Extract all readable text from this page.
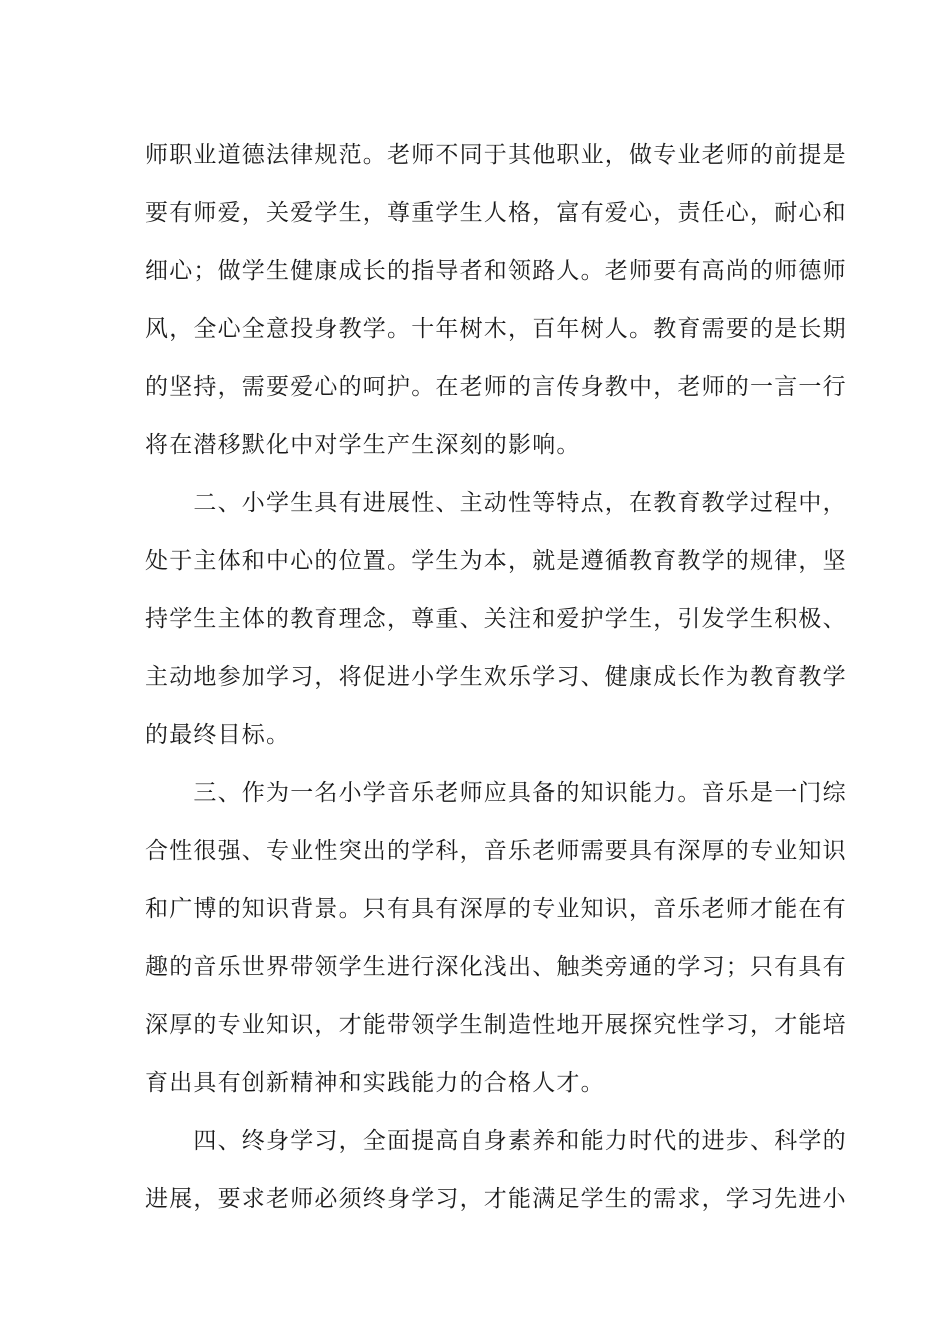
师职业道德法律规范。老师不同于其他职业，做专业老师的前提是
要有师爱，关爱学生，尊重学生人格，富有爱心，责任心，耐心和
细心；做学生健康成长的指导者和领路人。老师要有高尚的师德师
风，全心全意投身教学。十年树木，百年树人。教育需要的是长期
的坚持，需要爱心的呵护。在老师的言传身教中，老师的一言一行
将在潜移默化中对学生产生深刻的影响。
　　二、小学生具有进展性、主动性等特点，在教育教学过程中，
处于主体和中心的位置。学生为本，就是遵循教育教学的规律，坚
持学生主体的教育理念，尊重、关注和爱护学生，引发学生积极、
主动地参加学习，将促进小学生欢乐学习、健康成长作为教育教学
的最终目标。
　　三、作为一名小学音乐老师应具备的知识能力。音乐是一门综
合性很强、专业性突出的学科，音乐老师需要具有深厚的专业知识
和广博的知识背景。只有具有深厚的专业知识，音乐老师才能在有
趣的音乐世界带领学生进行深化浅出、触类旁通的学习；只有具有
深厚的专业知识，才能带领学生制造性地开展探究性学习，才能培
育出具有创新精神和实践能力的合格人才。
　　四、终身学习，全面提高自身素养和能力时代的进步、科学的
进展，要求老师必须终身学习，才能满足学生的需求，学习先进小
